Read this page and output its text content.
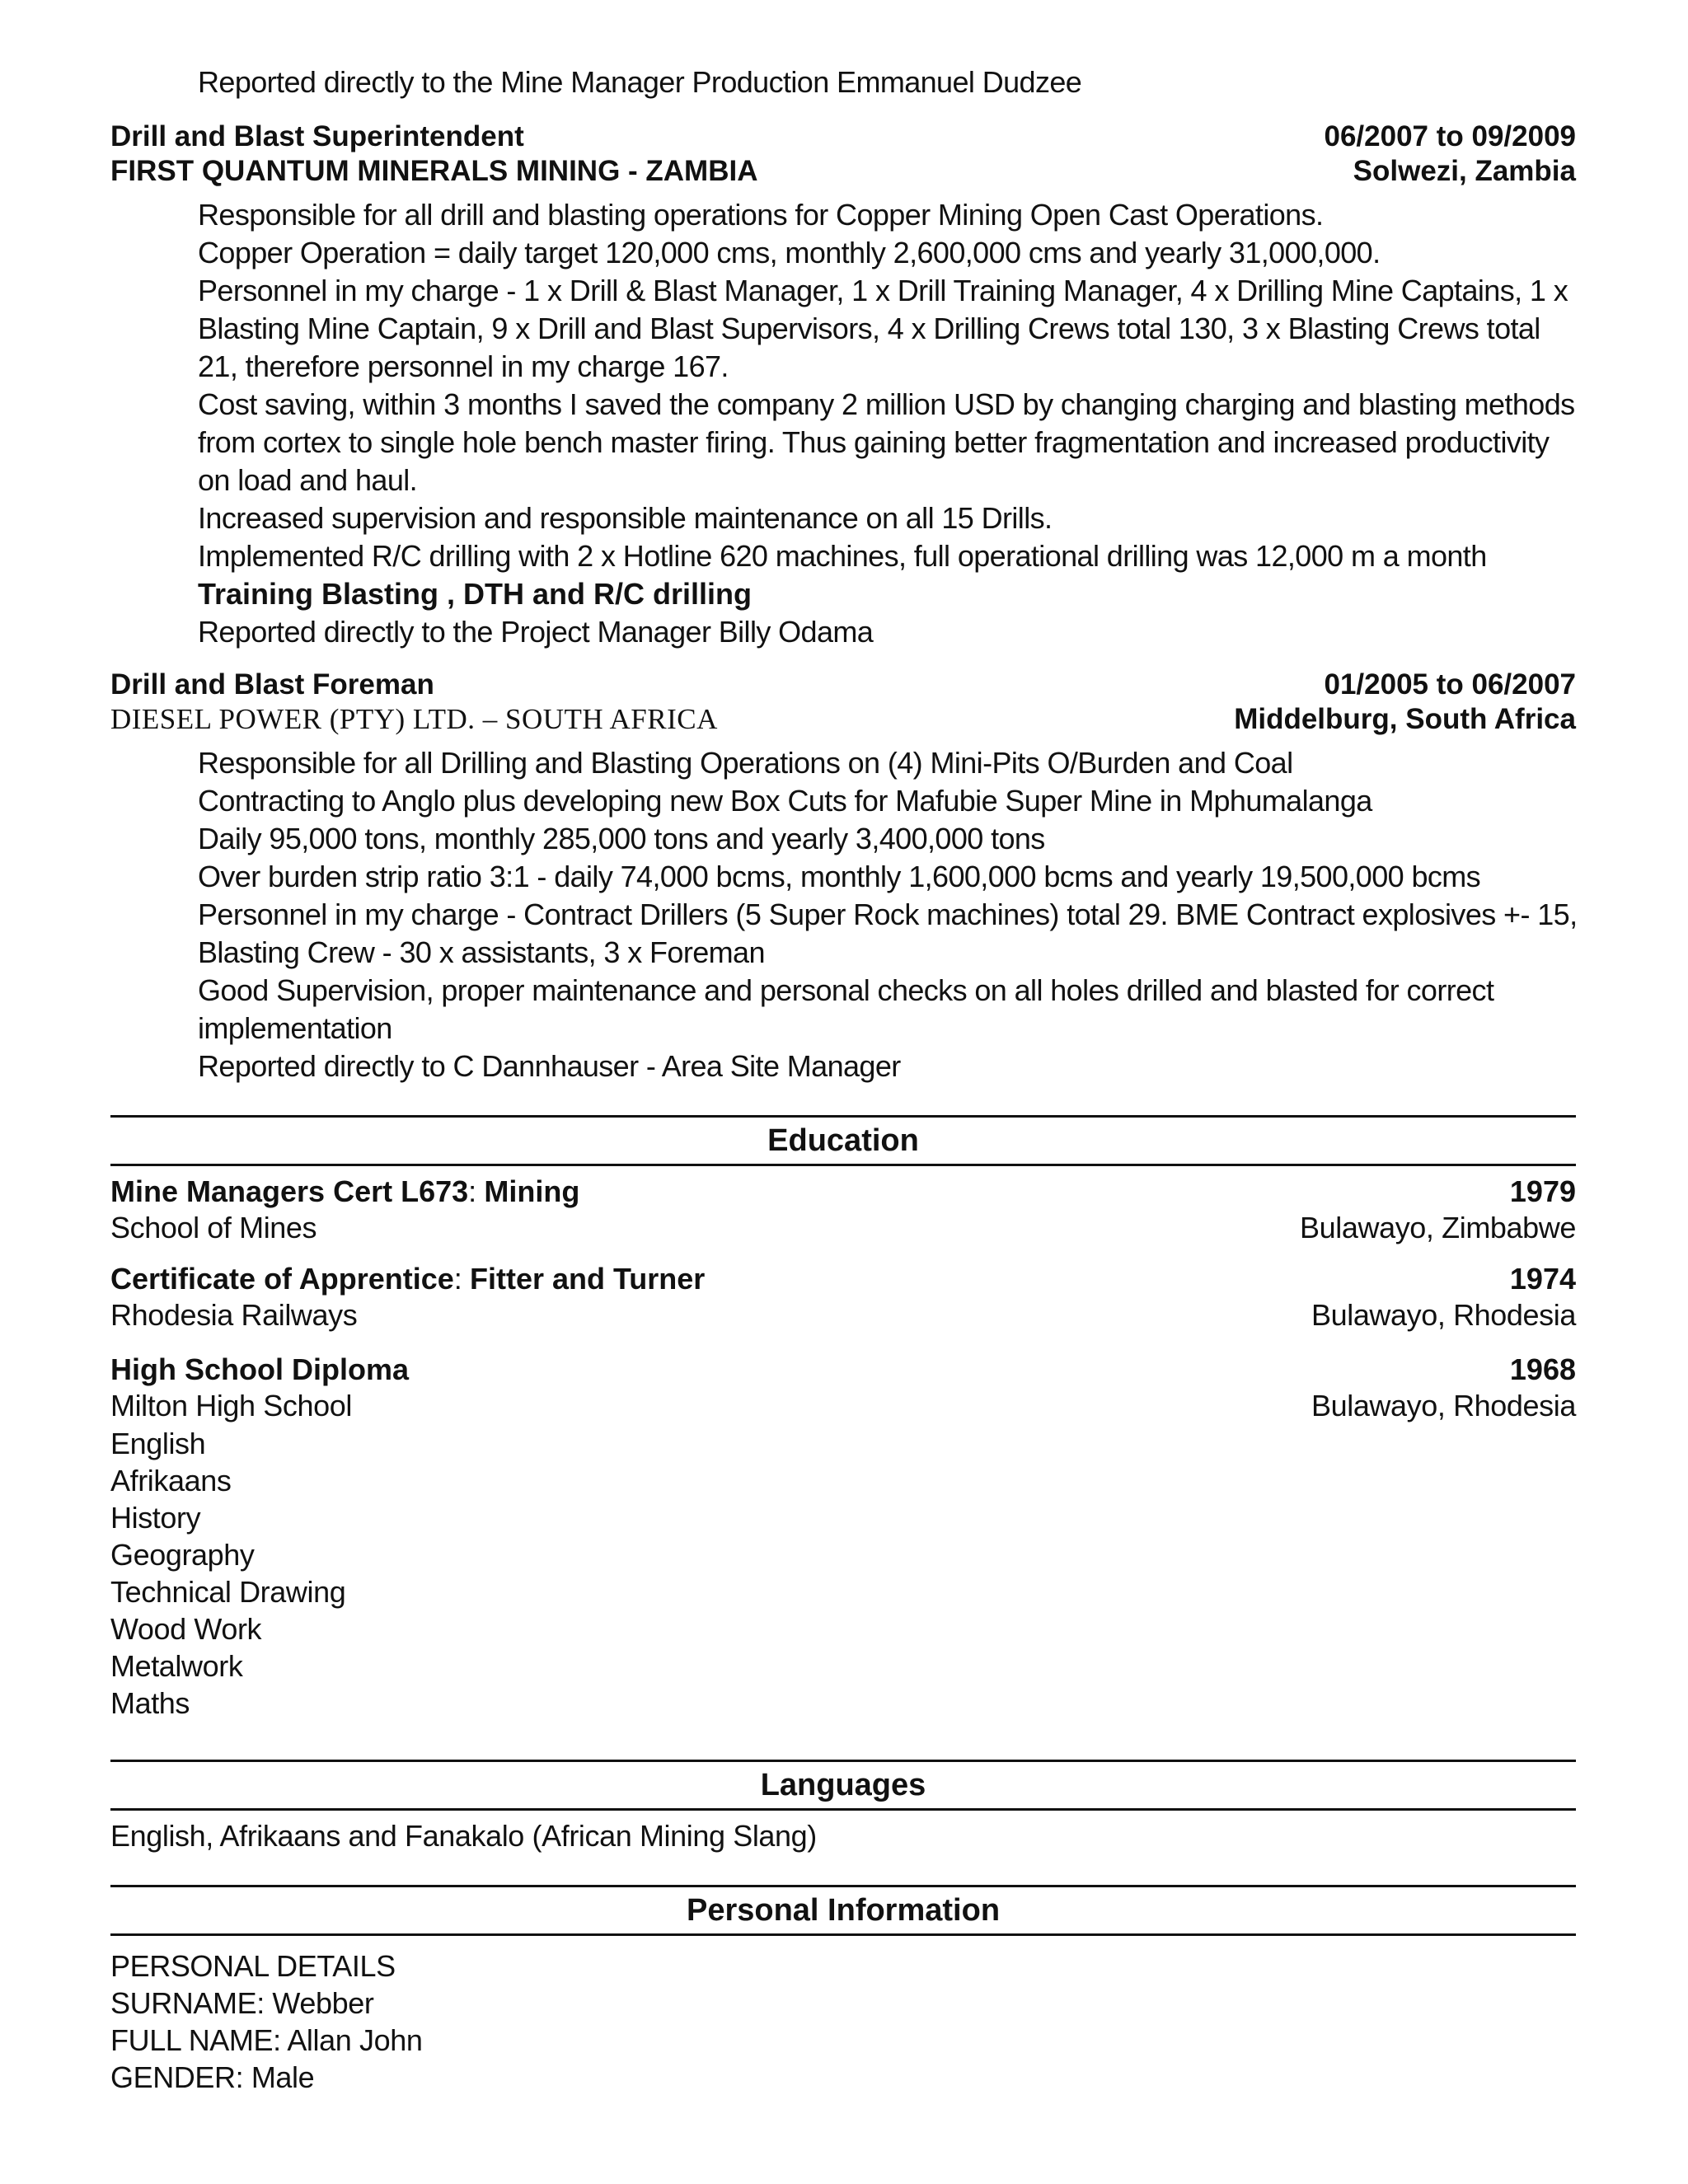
Reported directly to the Mine Manager Production Emmanuel Dudzee
Drill and Blast Superintendent	06/2007 to 09/2009
FIRST QUANTUM MINERALS MINING - ZAMBIA	Solwezi, Zambia
Responsible for all drill and blasting operations for Copper Mining Open Cast Operations.
Copper Operation = daily target 120,000 cms, monthly 2,600,000 cms and yearly 31,000,000.
Personnel in my charge - 1 x Drill & Blast Manager, 1 x Drill Training Manager, 4 x Drilling Mine Captains, 1 x Blasting Mine Captain, 9 x Drill and Blast Supervisors, 4 x Drilling Crews total 130, 3 x Blasting Crews total 21, therefore personnel in my charge 167.
Cost saving, within 3 months I saved the company 2 million USD by changing charging and blasting methods from cortex to single hole bench master firing. Thus gaining better fragmentation and increased productivity on load and haul.
Increased supervision and responsible maintenance on all 15 Drills.
Implemented R/C drilling with 2 x Hotline 620 machines, full operational drilling was 12,000 m a month
Training Blasting , DTH and R/C drilling
Reported directly to the Project Manager Billy Odama
Drill and Blast Foreman	01/2005 to 06/2007
DIESEL POWER (PTY) LTD. – SOUTH AFRICA	Middelburg, South Africa
Responsible for all Drilling and Blasting Operations on (4) Mini-Pits O/Burden and Coal
Contracting to Anglo plus developing new Box Cuts for Mafubie Super Mine in Mphumalanga
Daily 95,000 tons, monthly 285,000 tons and yearly 3,400,000 tons
Over burden strip ratio 3:1 - daily 74,000 bcms, monthly 1,600,000 bcms and yearly 19,500,000 bcms
Personnel in my charge - Contract Drillers (5 Super Rock machines) total 29. BME Contract explosives +- 15, Blasting Crew - 30 x assistants, 3 x Foreman
Good Supervision, proper maintenance and personal checks on all holes drilled and blasted for correct implementation
Reported directly to C Dannhauser - Area Site Manager
Education
Mine Managers Cert L673: Mining	1979
School of Mines	Bulawayo, Zimbabwe
Certificate of Apprentice: Fitter and Turner	1974
Rhodesia Railways	Bulawayo, Rhodesia
High School Diploma	1968
Milton High School	Bulawayo, Rhodesia
English
Afrikaans
History
Geography
Technical Drawing
Wood Work
Metalwork
Maths
Languages
English, Afrikaans and Fanakalo (African Mining Slang)
Personal Information
PERSONAL DETAILS
SURNAME: Webber
FULL NAME: Allan John
GENDER: Male
